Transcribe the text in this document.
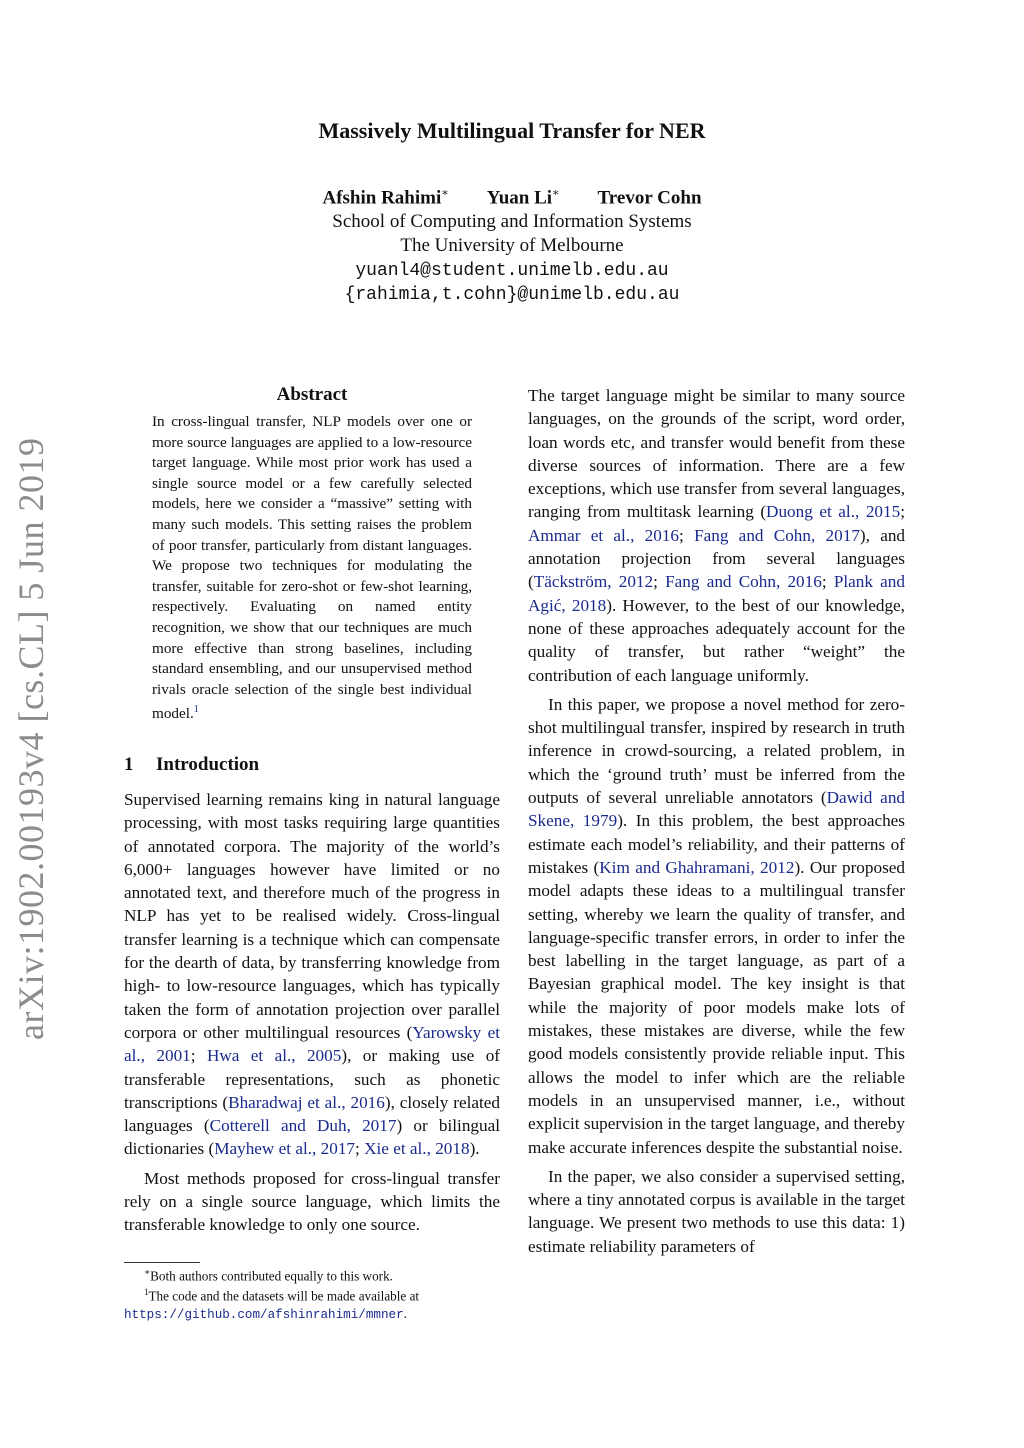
Massively Multilingual Transfer for NER
Afshin Rahimi∗ Yuan Li∗ Trevor Cohn
School of Computing and Information Systems
The University of Melbourne
yuanl4@student.unimelb.edu.au
{rahimia,t.cohn}@unimelb.edu.au
arXiv:1902.00193v4 [cs.CL] 5 Jun 2019
Abstract
In cross-lingual transfer, NLP models over one or more source languages are applied to a low-resource target language. While most prior work has used a single source model or a few carefully selected models, here we consider a “massive” setting with many such models. This setting raises the problem of poor transfer, particularly from distant languages. We propose two techniques for modulating the transfer, suitable for zero-shot or few-shot learning, respectively. Evaluating on named entity recognition, we show that our techniques are much more effective than strong baselines, including standard ensembling, and our unsupervised method rivals oracle selection of the single best individual model.$^1$
1 Introduction

Supervised learning remains king in natural language processing, with most tasks requiring large quantities of annotated corpora. The majority of the world’s 6,000+ languages however have limited or no annotated text, and therefore much of the progress in NLP has yet to be realised widely. Cross-lingual transfer learning is a technique which can compensate for the dearth of data, by transferring knowledge from high- to low-resource languages, which has typically taken the form of annotation projection over parallel corpora or other multilingual resources (Yarowsky et al., 2001; Hwa et al., 2005), or making use of transferable representations, such as phonetic transcriptions (Bharadwaj et al., 2016), closely related languages (Cotterell and Duh, 2017) or bilingual dictionaries (Mayhew et al., 2017; Xie et al., 2018).

Most methods proposed for cross-lingual transfer rely on a single source language, which limits the transferable knowledge to only one source.

∗Both authors contributed equally to this work.
$^1$The code and the datasets will be made available at
https://github.com/afshinrahimi/mmner.

The target language might be similar to many source languages, on the grounds of the script, word order, loan words etc, and transfer would benefit from these diverse sources of information. There are a few exceptions, which use transfer from several languages, ranging from multitask learning (Duong et al., 2015; Ammar et al., 2016; Fang and Cohn, 2017), and annotation projection from several languages (Täckström, 2012; Fang and Cohn, 2016; Plank and Agić, 2018). However, to the best of our knowledge, none of these approaches adequately account for the quality of transfer, but rather “weight” the contribution of each language uniformly.

In this paper, we propose a novel method for zero-shot multilingual transfer, inspired by research in truth inference in crowd-sourcing, a related problem, in which the ‘ground truth’ must be inferred from the outputs of several unreliable annotators (Dawid and Skene, 1979). In this problem, the best approaches estimate each model’s reliability, and their patterns of mistakes (Kim and Ghahramani, 2012). Our proposed model adapts these ideas to a multilingual transfer setting, whereby we learn the quality of transfer, and language-specific transfer errors, in order to infer the best labelling in the target language, as part of a Bayesian graphical model. The key insight is that while the majority of poor models make lots of mistakes, these mistakes are diverse, while the few good models consistently provide reliable input. This allows the model to infer which are the reliable models in an unsupervised manner, i.e., without explicit supervision in the target language, and thereby make accurate inferences despite the substantial noise.

In the paper, we also consider a supervised setting, where a tiny annotated corpus is available in the target language. We present two methods to use this data: 1) estimate reliability parameters of
